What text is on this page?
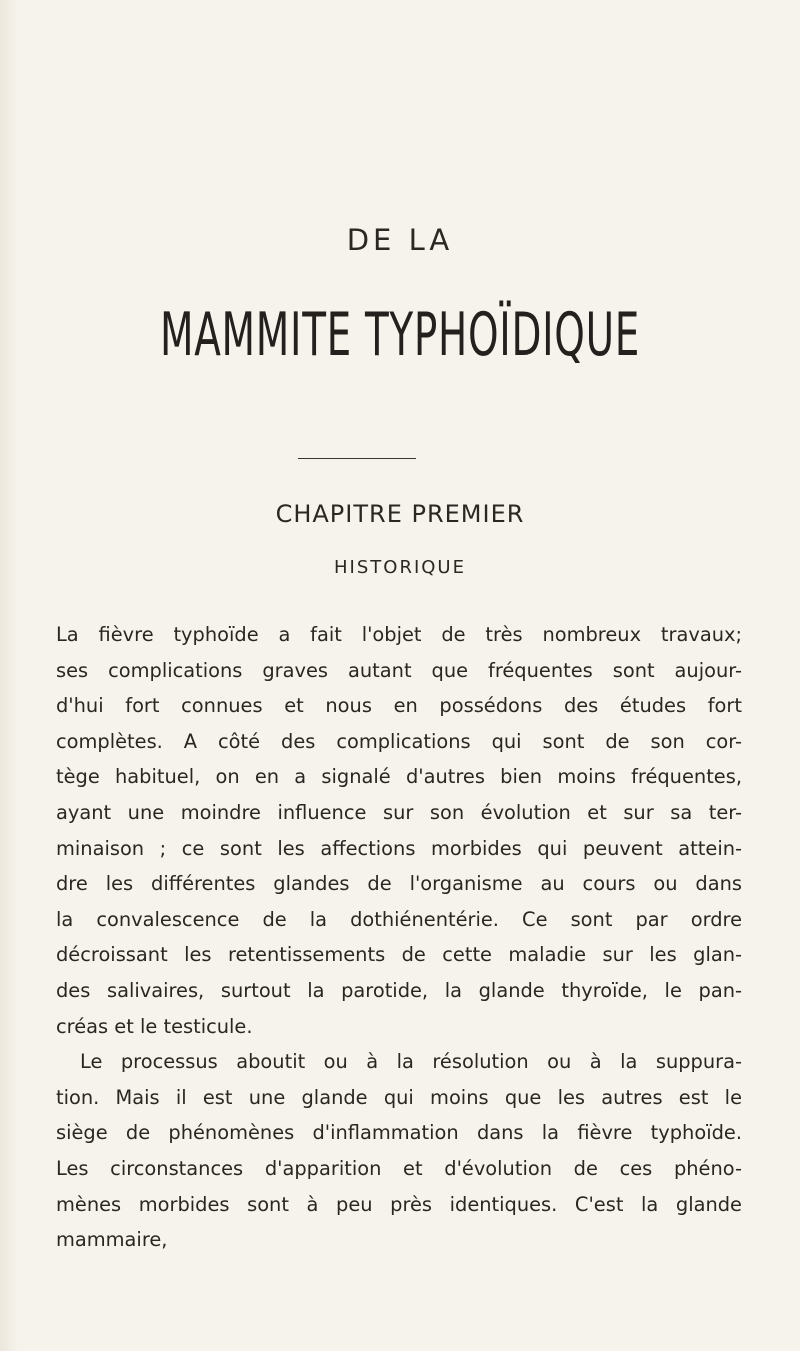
DE LA
MAMMITE TYPHOÏDIQUE
CHAPITRE PREMIER
HISTORIQUE
La fièvre typhoïde a fait l'objet de très nombreux travaux;
ses complications graves autant que fréquentes sont aujour-
d'hui fort connues et nous en possédons des études fort
complètes. A côté des complications qui sont de son cor-
tège habituel, on en a signalé d'autres bien moins fréquentes,
ayant une moindre influence sur son évolution et sur sa ter-
minaison ; ce sont les affections morbides qui peuvent attein-
dre les différentes glandes de l'organisme au cours ou dans
la convalescence de la dothiénentérie. Ce sont par ordre
décroissant les retentissements de cette maladie sur les glan-
des salivaires, surtout la parotide, la glande thyroïde, le pan-
créas et le testicule.
Le processus aboutit ou à la résolution ou à la suppura-
tion. Mais il est une glande qui moins que les autres est le
siège de phénomènes d'inflammation dans la fièvre typhoïde.
Les circonstances d'apparition et d'évolution de ces phéno-
mènes morbides sont à peu près identiques. C'est la glande
mammaire,
